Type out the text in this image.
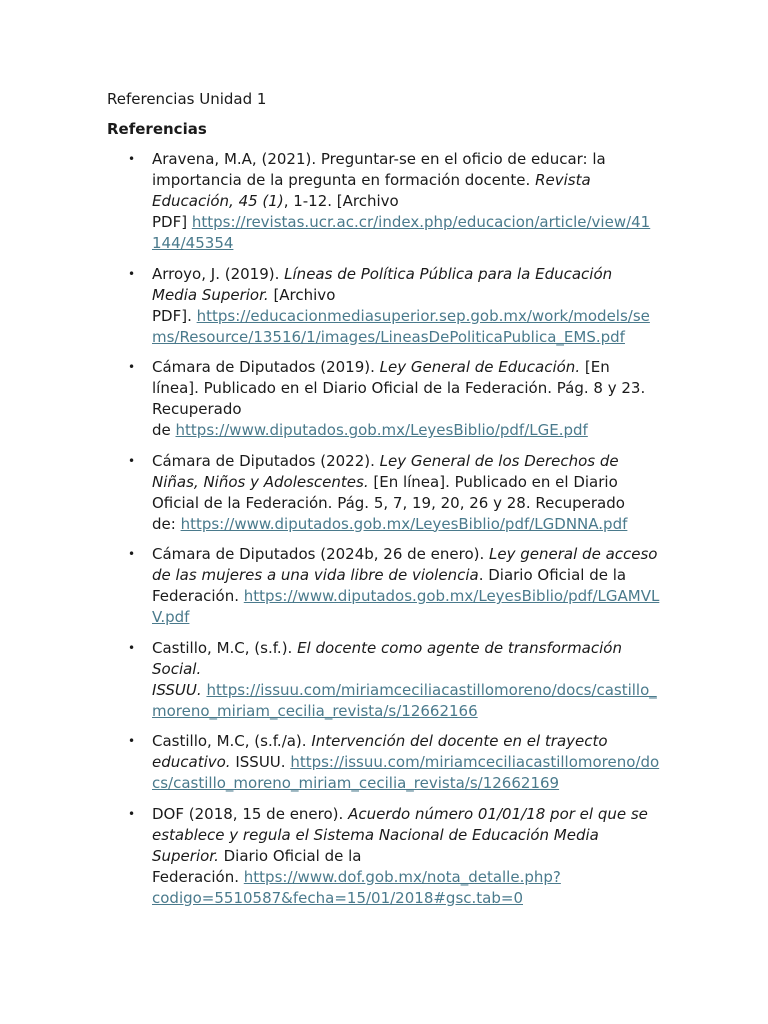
Referencias Unidad 1
Referencias
• Aravena, M.A, (2021). Preguntar-se en el oficio de educar: la
importancia de la pregunta en formación docente. Revista
Educación, 45 (1), 1-12. [Archivo
PDF] https://revistas.ucr.ac.cr/index.php/educacion/article/view/41
144/45354
• Arroyo, J. (2019). Líneas de Política Pública para la Educación
Media Superior. [Archivo
PDF]. https://educacionmediasuperior.sep.gob.mx/work/models/se
ms/Resource/13516/1/images/LineasDePoliticaPublica_EMS.pdf
• Cámara de Diputados (2019). Ley General de Educación. [En
línea]. Publicado en el Diario Oficial de la Federación. Pág. 8 y 23.
Recuperado
de https://www.diputados.gob.mx/LeyesBiblio/pdf/LGE.pdf
• Cámara de Diputados (2022). Ley General de los Derechos de
Niñas, Niños y Adolescentes. [En línea]. Publicado en el Diario
Oficial de la Federación. Pág. 5, 7, 19, 20, 26 y 28. Recuperado
de: https://www.diputados.gob.mx/LeyesBiblio/pdf/LGDNNA.pdf
• Cámara de Diputados (2024b, 26 de enero). Ley general de acceso
de las mujeres a una vida libre de violencia. Diario Oficial de la
Federación. https://www.diputados.gob.mx/LeyesBiblio/pdf/LGAMVL
V.pdf
• Castillo, M.C, (s.f.). El docente como agente de transformación
Social.
ISSUU. https://issuu.com/miriamceciliacastillomoreno/docs/castillo_
moreno_miriam_cecilia_revista/s/12662166
• Castillo, M.C, (s.f./a). Intervención del docente en el trayecto
educativo. ISSUU. https://issuu.com/miriamceciliacastillomoreno/do
cs/castillo_moreno_miriam_cecilia_revista/s/12662169
• DOF (2018, 15 de enero). Acuerdo número 01/01/18 por el que se
establece y regula el Sistema Nacional de Educación Media
Superior. Diario Oficial de la
Federación. https://www.dof.gob.mx/nota_detalle.php?
codigo=5510587&fecha=15/01/2018#gsc.tab=0
